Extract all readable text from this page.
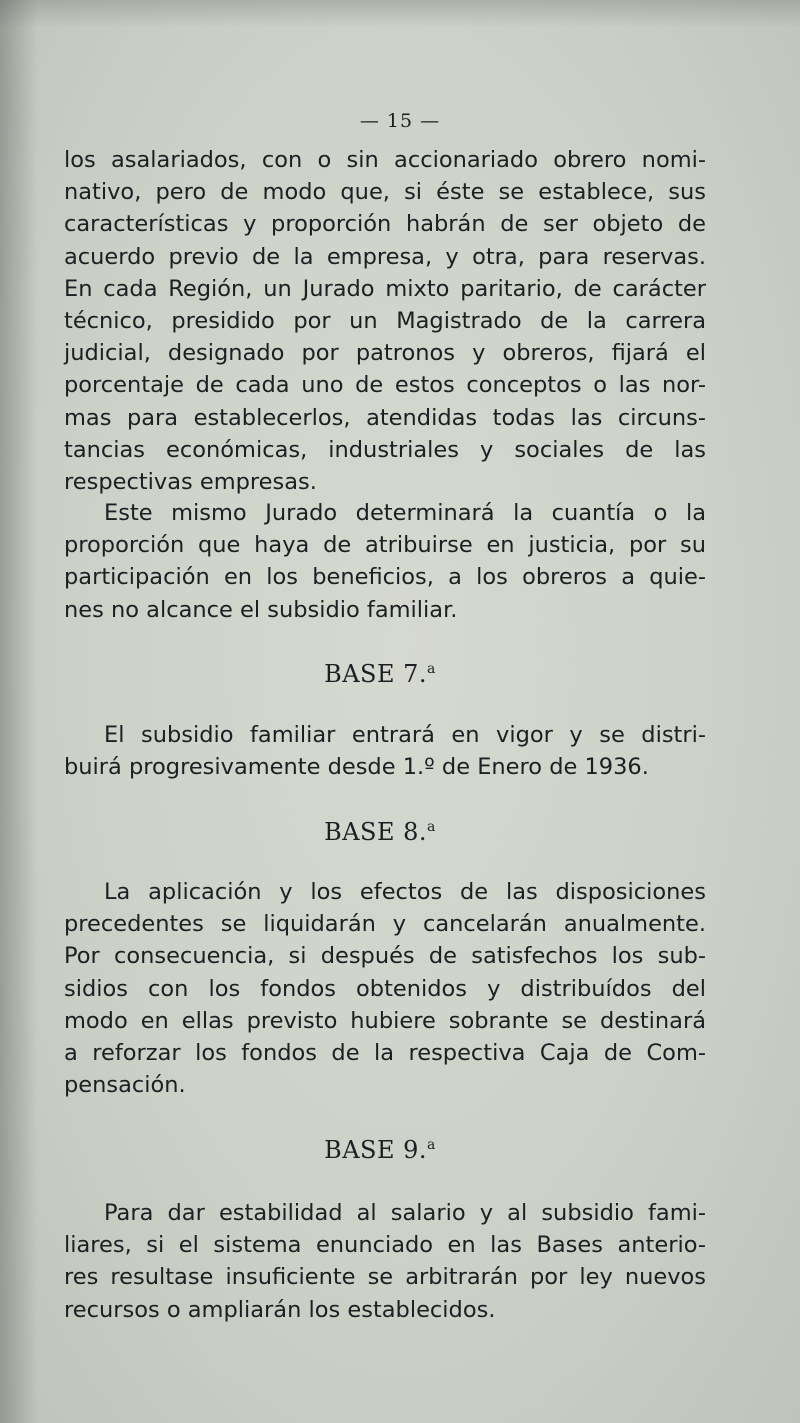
— 15 —
los asalariados, con o sin accionariado obrero nomi-
nativo, pero de modo que, si éste se establece, sus
características y proporción habrán de ser objeto de
acuerdo previo de la empresa, y otra, para reservas.
En cada Región, un Jurado mixto paritario, de carácter
técnico, presidido por un Magistrado de la carrera
judicial, designado por patronos y obreros, fijará el
porcentaje de cada uno de estos conceptos o las nor-
mas para establecerlos, atendidas todas las circuns-
tancias económicas, industriales y sociales de las
respectivas empresas.
Este mismo Jurado determinará la cuantía o la
proporción que haya de atribuirse en justicia, por su
participación en los beneficios, a los obreros a quie-
nes no alcance el subsidio familiar.
BASE 7.$^a$
El subsidio familiar entrará en vigor y se distri-
buirá progresivamente desde 1.º de Enero de 1936.
BASE 8.$^a$
La aplicación y los efectos de las disposiciones
precedentes se liquidarán y cancelarán anualmente.
Por consecuencia, si después de satisfechos los sub-
sidios con los fondos obtenidos y distribuídos del
modo en ellas previsto hubiere sobrante se destinará
a reforzar los fondos de la respectiva Caja de Com-
pensación.
BASE 9.$^a$
Para dar estabilidad al salario y al subsidio fami-
liares, si el sistema enunciado en las Bases anterio-
res resultase insuficiente se arbitrarán por ley nuevos
recursos o ampliarán los establecidos.
